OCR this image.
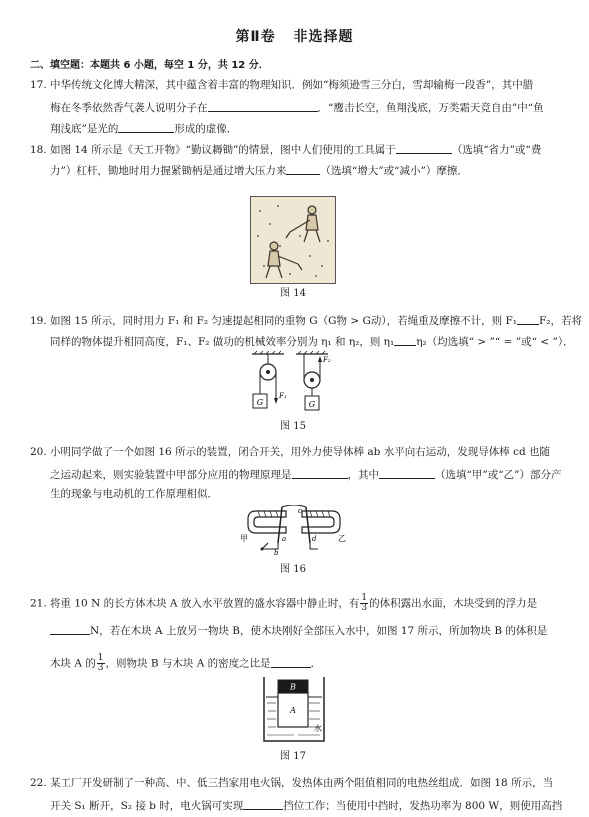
第Ⅱ卷 非选择题
二、填空题：本题共 6 小题，每空 1 分，共 12 分．
17. 中华传统文化博大精深，其中蕴含着丰富的物理知识．例如“梅须逊雪三分白，雪却输梅一段香”，其中腊
梅在冬季依然香气袭人说明分子在	．“鹰击长空，鱼翔浅底，万类霜天竞自由”中“鱼
翔浅底”是光的	形成的虚像．
18. 如图 14 所示是《天工开物》“勤议耨锄”的情景，图中人们使用的工具属于	（选填“省力”或“费
力”）杠杆，锄地时用力握紧锄柄是通过增大压力来	（选填“增大”或“减小”）摩擦．
图 14
19. 如图 15 所示，同时用力 F₁ 和 F₂ 匀速提起相同的重物 G（G物 > G动），若绳重及摩擦不计，则 F₁ F₂，若将
同样的物体提升相同高度，F₁、F₂ 做功的机械效率分别为 η₁ 和 η₂，则 η₁ η₂（均选填“ > ”“ = ”或“ < ”）．
G	G
F₁
F₂
图 15
20. 小明同学做了一个如图 16 所示的装置，闭合开关，用外力使导体棒 ab 水平向右运动，发现导体棒 cd 也随
之运动起来，则实验装置中甲部分应用的物理原理是	，其中	（选填“甲”或“乙”）部分产
生的现象与电动机的工作原理相似．
甲	乙
a
b
c
d
图 16
21. 将重 10 N 的长方体木块 A 放入水平放置的盛水容器中静止时，有 $\frac{1}{3}$ 的体积露出水面，木块受到的浮力是
N，若在木块 A 上放另一物块 B，使木块刚好全部压入水中，如图 17 所示，所加物块 B 的体积是
木块 A 的 $\frac{1}{3}$ ，则物块 B 与木块 A 的密度之比是	．
A
B
水
图 17
22. 某工厂开发研制了一种高、中、低三挡家用电火锅，发热体由两个阻值相同的电热丝组成．如图 18 所示，当
开关 S₁ 断开，S₂ 接 b 时，电火锅可实现	挡位工作；当使用中挡时，发热功率为 800 W，则使用高挡
